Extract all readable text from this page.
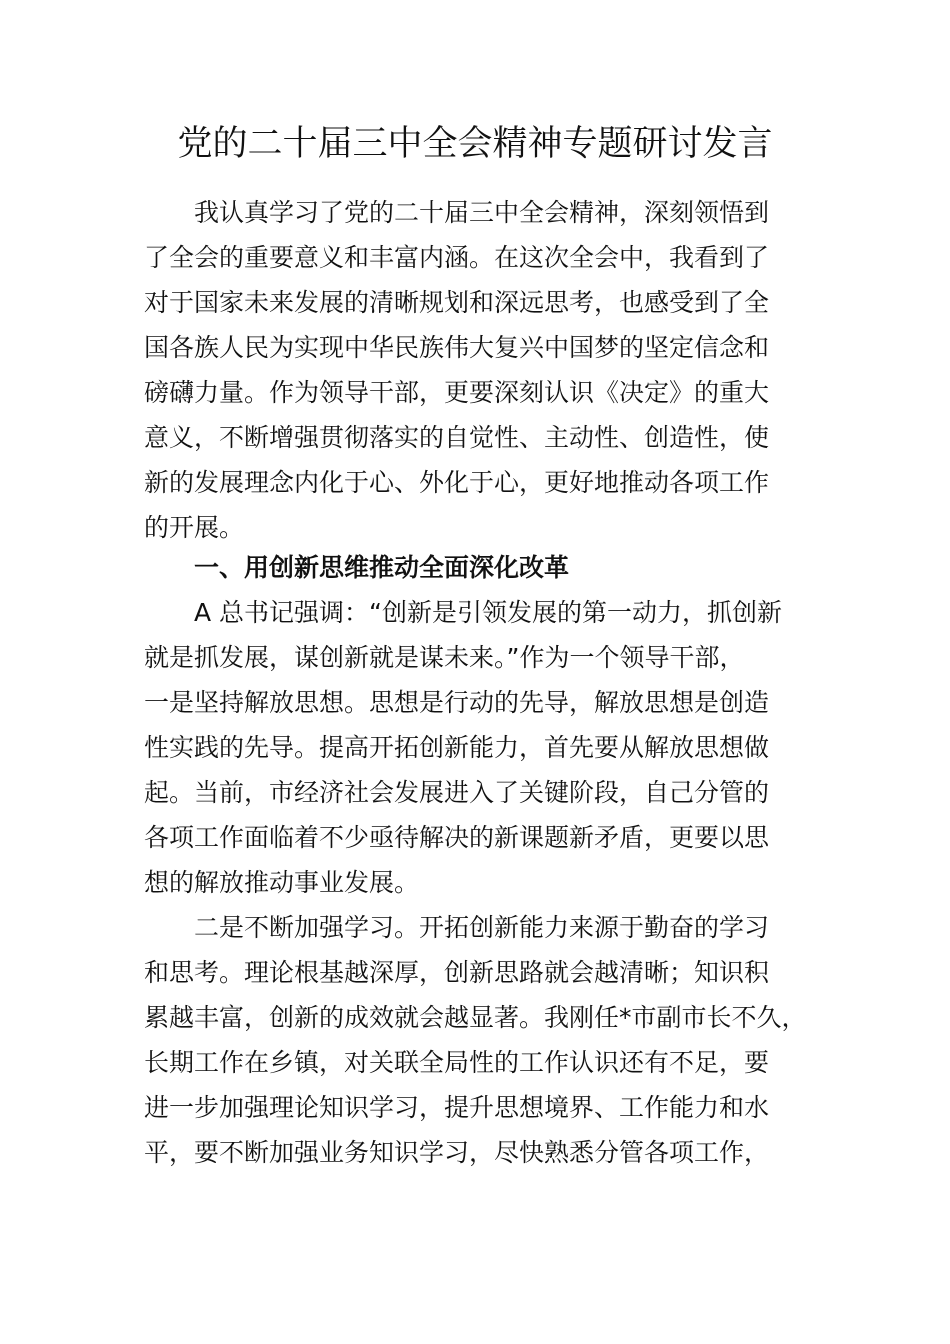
党的二十届三中全会精神专题研讨发言
我认真学习了党的二十届三中全会精神，深刻领悟到
了全会的重要意义和丰富内涵。在这次全会中，我看到了
对于国家未来发展的清晰规划和深远思考，也感受到了全
国各族人民为实现中华民族伟大复兴中国梦的坚定信念和
磅礴力量。作为领导干部，更要深刻认识《决定》的重大
意义，不断增强贯彻落实的自觉性、主动性、创造性，使
新的发展理念内化于心、外化于心，更好地推动各项工作
的开展。
一、用创新思维推动全面深化改革
A 总书记强调：“创新是引领发展的第一动力，抓创新
就是抓发展，谋创新就是谋未来。”作为一个领导干部，
一是坚持解放思想。思想是行动的先导，解放思想是创造
性实践的先导。提高开拓创新能力，首先要从解放思想做
起。当前，市经济社会发展进入了关键阶段，自己分管的
各项工作面临着不少亟待解决的新课题新矛盾，更要以思
想的解放推动事业发展。
二是不断加强学习。开拓创新能力来源于勤奋的学习
和思考。理论根基越深厚，创新思路就会越清晰；知识积
累越丰富，创新的成效就会越显著。我刚任*市副市长不久，
长期工作在乡镇，对关联全局性的工作认识还有不足，要
进一步加强理论知识学习，提升思想境界、工作能力和水
平，要不断加强业务知识学习，尽快熟悉分管各项工作，
